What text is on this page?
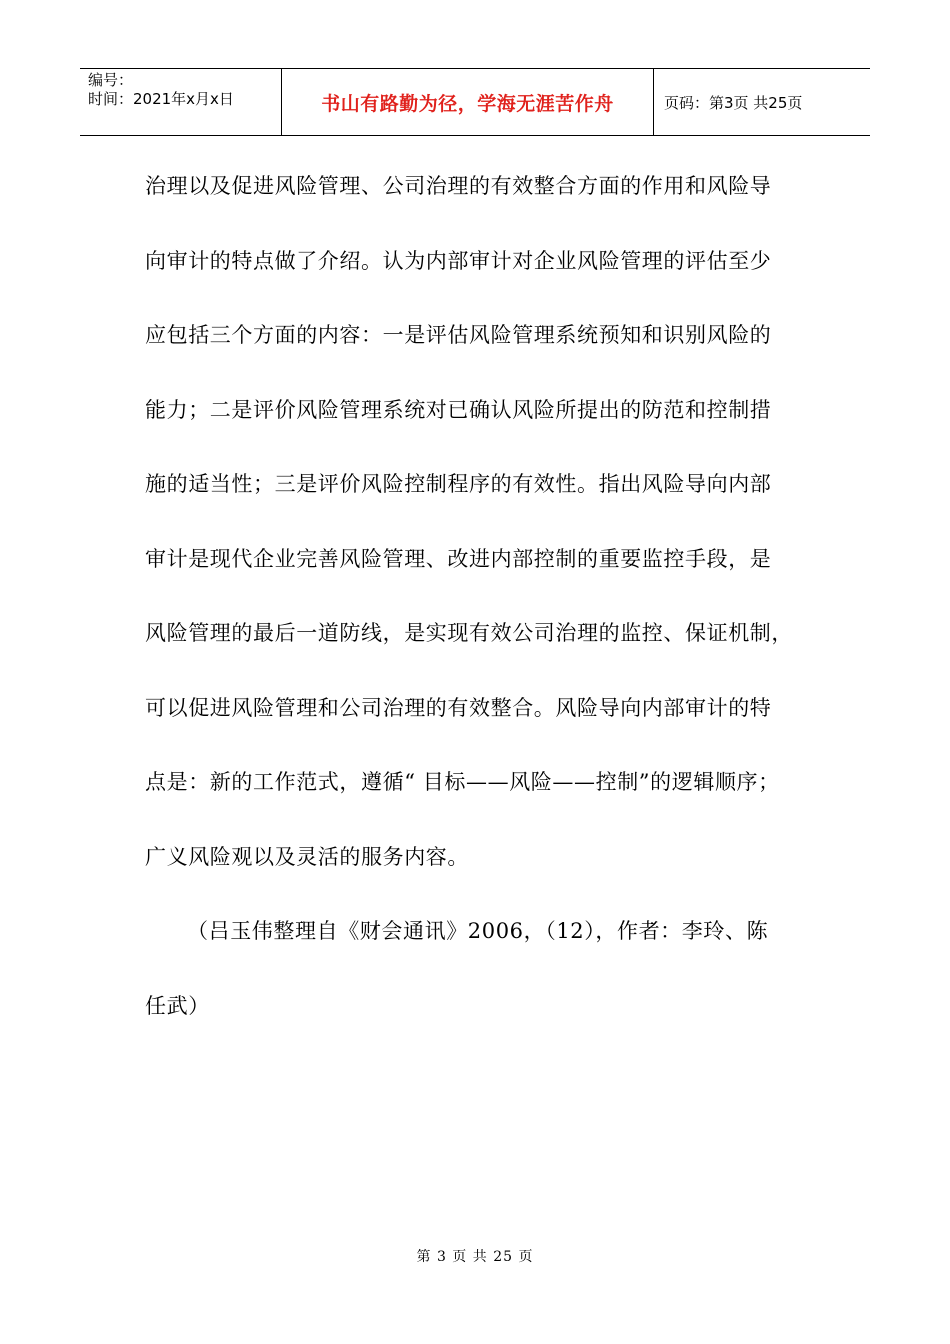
编号：
时间：2021年x月x日	书山有路勤为径，学海无涯苦作舟	页码：第3页 共25页
治理以及促进风险管理、公司治理的有效整合方面的作用和风险导
向审计的特点做了介绍。认为内部审计对企业风险管理的评估至少
应包括三个方面的内容：一是评估风险管理系统预知和识别风险的
能力；二是评价风险管理系统对已确认风险所提出的防范和控制措
施的适当性；三是评价风险控制程序的有效性。指出风险导向内部
审计是现代企业完善风险管理、改进内部控制的重要监控手段，是
风险管理的最后一道防线，是实现有效公司治理的监控、保证机制，
可以促进风险管理和公司治理的有效整合。风险导向内部审计的特
点是：新的工作范式，遵循“ 目标——风险——控制”的逻辑顺序；
广义风险观以及灵活的服务内容。
（吕玉伟整理自《财会通讯》2006，（12），作者：李玲、陈
任武）
第 3 页 共 25 页
